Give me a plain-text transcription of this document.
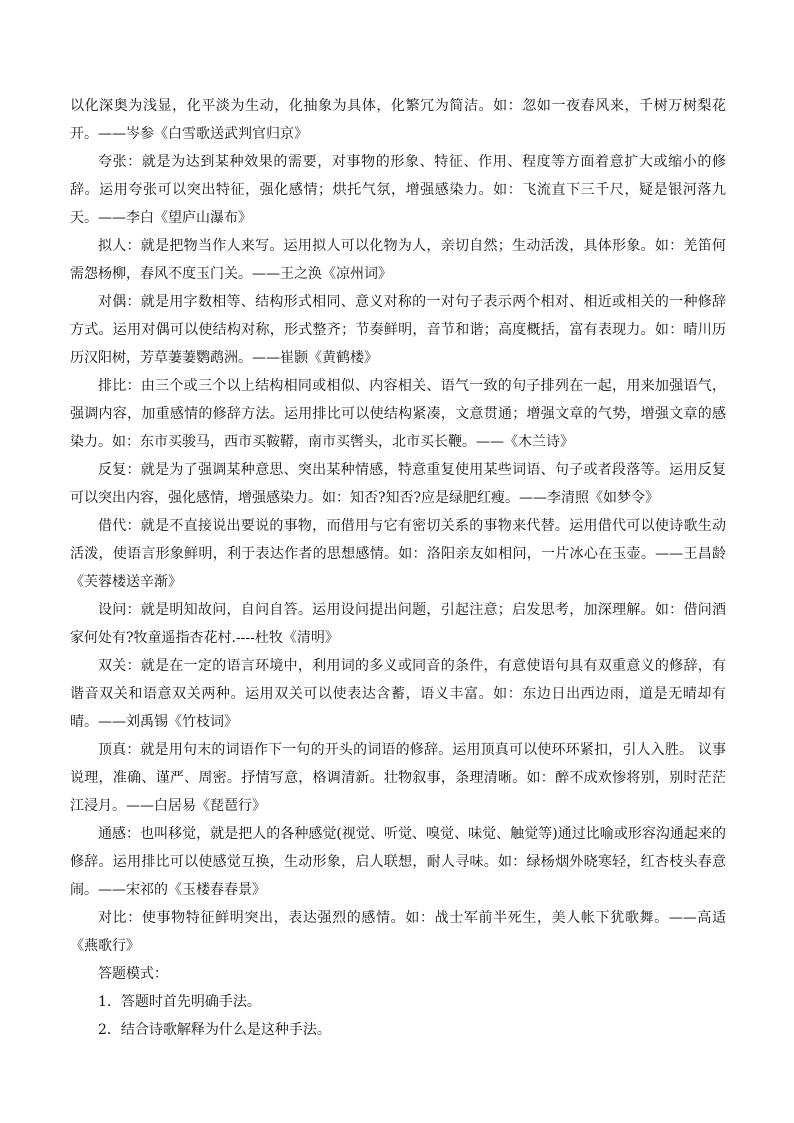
以化深奥为浅显，化平淡为生动，化抽象为具体，化繁冗为简洁。如：忽如一夜春风来，千树万树梨花开。——岑参《白雪歌送武判官归京》

夸张：就是为达到某种效果的需要，对事物的形象、特征、作用、程度等方面着意扩大或缩小的修辞。运用夸张可以突出特征，强化感情；烘托气氛，增强感染力。如：飞流直下三千尺，疑是银河落九天。——李白《望庐山瀑布》

拟人：就是把物当作人来写。运用拟人可以化物为人，亲切自然；生动活泼，具体形象。如：羌笛何需怨杨柳，春风不度玉门关。——王之涣《凉州词》

对偶：就是用字数相等、结构形式相同、意义对称的一对句子表示两个相对、相近或相关的一种修辞方式。运用对偶可以使结构对称，形式整齐；节奏鲜明，音节和谐；高度概括，富有表现力。如：晴川历历汉阳树，芳草萋萋鹦鹉洲。——崔颢《黄鹤楼》

排比：由三个或三个以上结构相同或相似、内容相关、语气一致的句子排列在一起，用来加强语气，强调内容，加重感情的修辞方法。运用排比可以使结构紧凑，文意贯通；增强文章的气势，增强文章的感染力。如：东市买骏马，西市买鞍鞯，南市买辔头，北市买长鞭。——《木兰诗》

反复：就是为了强调某种意思、突出某种情感，特意重复使用某些词语、句子或者段落等。运用反复可以突出内容，强化感情，增强感染力。如：知否?知否?应是绿肥红瘦。——李清照《如梦令》

借代：就是不直接说出要说的事物，而借用与它有密切关系的事物来代替。运用借代可以使诗歌生动活泼，使语言形象鲜明，利于表达作者的思想感情。如：洛阳亲友如相问，一片冰心在玉壶。——王昌龄《芙蓉楼送辛渐》

设问：就是明知故问，自问自答。运用设问提出问题，引起注意；启发思考，加深理解。如：借问酒家何处有?牧童遥指杏花村.----杜牧《清明》

双关：就是在一定的语言环境中，利用词的多义或同音的条件，有意使语句具有双重意义的修辞，有谐音双关和语意双关两种。运用双关可以使表达含蓄，语义丰富。如：东边日出西边雨，道是无晴却有晴。——刘禹锡《竹枝词》

顶真：就是用句末的词语作下一句的开头的词语的修辞。运用顶真可以使环环紧扣，引人入胜。 议事说理，准确、谨严、周密。抒情写意，格调清新。壮物叙事，条理清晰。如：醉不成欢惨将别，别时茫茫江浸月。——白居易《琵琶行》

通感：也叫移觉，就是把人的各种感觉(视觉、听觉、嗅觉、味觉、触觉等)通过比喻或形容沟通起来的修辞。运用排比可以使感觉互换，生动形象，启人联想，耐人寻味。如：绿杨烟外晓寒轻，红杏枝头春意闹。——宋祁的《玉楼春春景》

对比：使事物特征鲜明突出，表达强烈的感情。如：战士军前半死生，美人帐下犹歌舞。——高适《燕歌行》

答题模式：

1．答题时首先明确手法。

2．结合诗歌解释为什么是这种手法。
